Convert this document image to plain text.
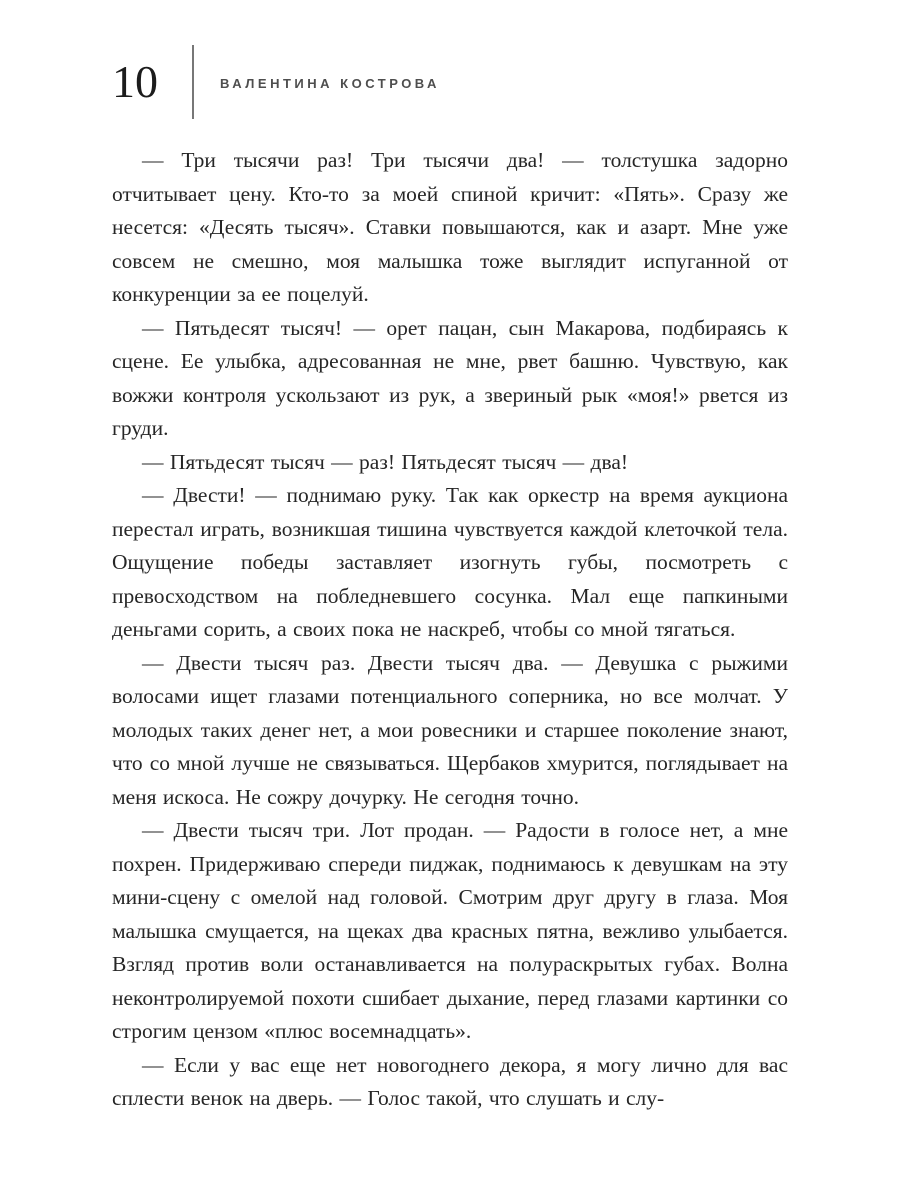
10	ВАЛЕНТИНА КОСТРОВА

— Три тысячи раз! Три тысячи два! — толстушка задорно отчитывает цену. Кто-то за моей спиной кричит: «Пять». Сразу же несется: «Десять тысяч». Ставки повышаются, как и азарт. Мне уже совсем не смешно, моя малышка тоже выглядит испуганной от конкуренции за ее поцелуй.

— Пятьдесят тысяч! — орет пацан, сын Макарова, подбираясь к сцене. Ее улыбка, адресованная не мне, рвет башню. Чувствую, как вожжи контроля ускользают из рук, а звериный рык «моя!» рвется из груди.

— Пятьдесят тысяч — раз! Пятьдесят тысяч — два!

— Двести! — поднимаю руку. Так как оркестр на время аукциона перестал играть, возникшая тишина чувствуется каждой клеточкой тела. Ощущение победы заставляет изогнуть губы, посмотреть с превосходством на побледневшего сосунка. Мал еще папкиными деньгами сорить, а своих пока не наскреб, чтобы со мной тягаться.

— Двести тысяч раз. Двести тысяч два. — Девушка с рыжими волосами ищет глазами потенциального соперника, но все молчат. У молодых таких денег нет, а мои ровесники и старшее поколение знают, что со мной лучше не связываться. Щербаков хмурится, поглядывает на меня искоса. Не сожру дочурку. Не сегодня точно.

— Двести тысяч три. Лот продан. — Радости в голосе нет, а мне похрен. Придерживаю спереди пиджак, поднимаюсь к девушкам на эту мини-сцену с омелой над головой. Смотрим друг другу в глаза. Моя малышка смущается, на щеках два красных пятна, вежливо улыбается. Взгляд против воли останавливается на полураскрытых губах. Волна неконтролируемой похоти сшибает дыхание, перед глазами картинки со строгим цензом «плюс восемнадцать».

— Если у вас еще нет новогоднего декора, я могу лично для вас сплести венок на дверь. — Голос такой, что слушать и слу-
